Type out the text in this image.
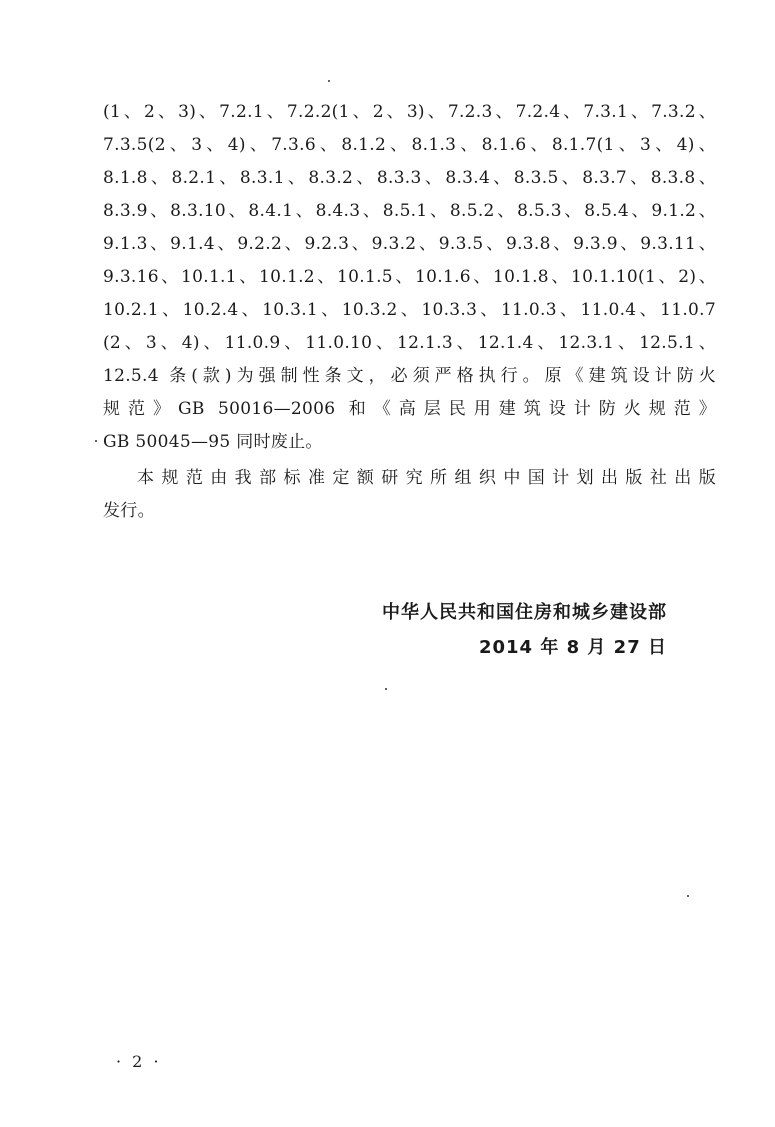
(1、2、3)、7.2.1、7.2.2(1、2、3)、7.2.3、7.2.4、7.3.1、7.3.2、
7.3.5(2、3、4)、7.3.6、8.1.2、8.1.3、8.1.6、8.1.7(1、3、4)、
8.1.8、8.2.1、8.3.1、8.3.2、8.3.3、8.3.4、8.3.5、8.3.7、8.3.8、
8.3.9、8.3.10、8.4.1、8.4.3、8.5.1、8.5.2、8.5.3、8.5.4、9.1.2、
9.1.3、9.1.4、9.2.2、9.2.3、9.3.2、9.3.5、9.3.8、9.3.9、9.3.11、
9.3.16、10.1.1、10.1.2、10.1.5、10.1.6、10.1.8、10.1.10(1、2)、
10.2.1、10.2.4、10.3.1、10.3.2、10.3.3、11.0.3、11.0.4、11.0.7
(2、3、4)、11.0.9、11.0.10、12.1.3、12.1.4、12.3.1、12.5.1、
12.5.4 条(款)为强制性条文，必须严格执行。原《建筑设计防火
规范》GB 50016—2006 和《高层民用建筑设计防火规范》
GB 50045—95 同时废止。
本规范由我部标准定额研究所组织中国计划出版社出版
发行。
中华人民共和国住房和城乡建设部
2014 年 8 月 27 日
· 2 ·
